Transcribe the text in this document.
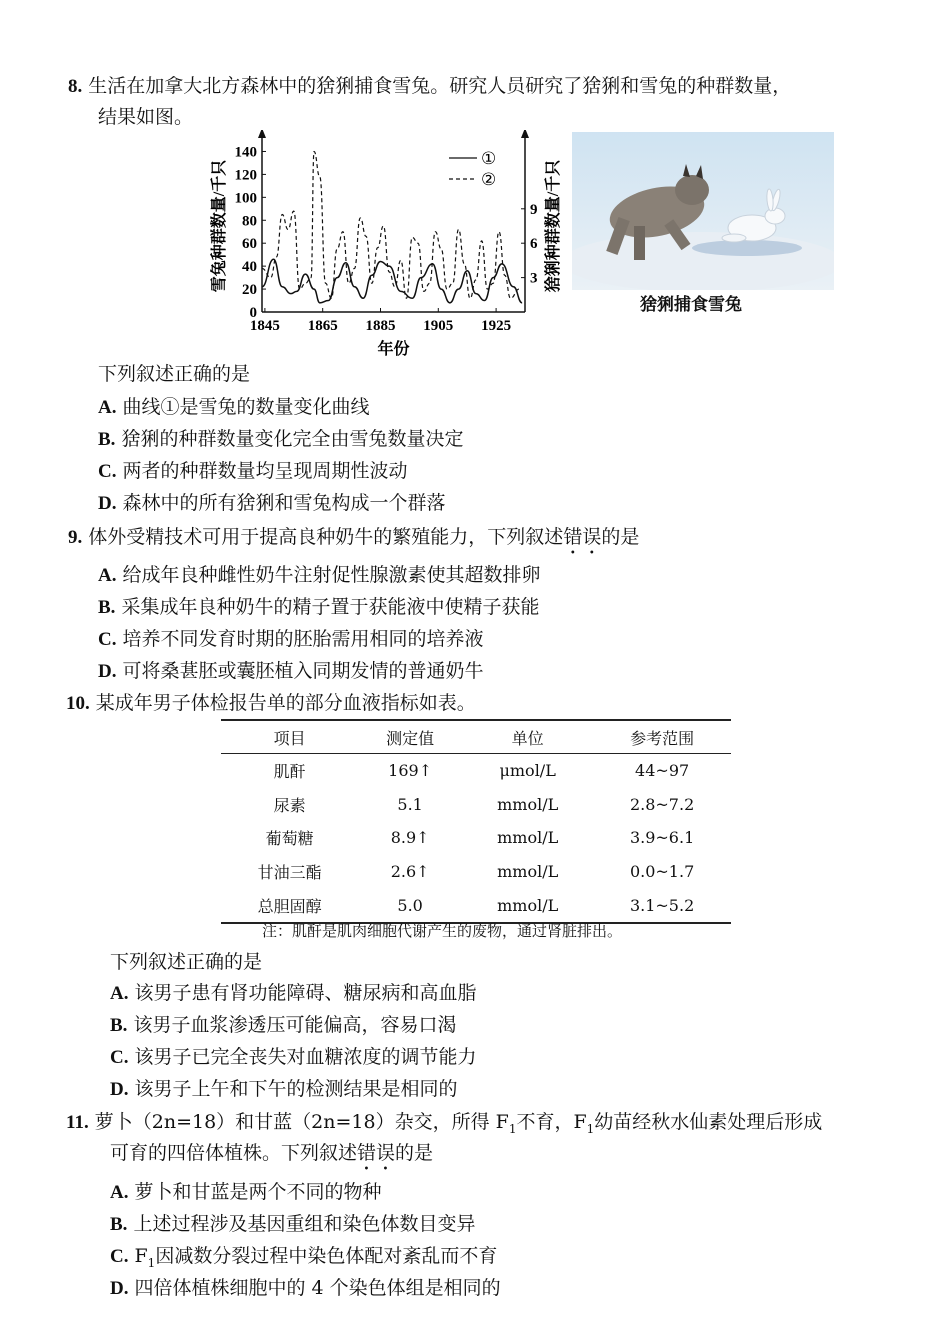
8. 生活在加拿大北方森林中的猞猁捕食雪兔。研究人员研究了猞猁和雪兔的种群数量，
结果如图。
0
20
40
60
80
100
120
140
3
6
9
1845 1865 1885 1905 1925
年份
雪兔种群数量/千只	猞猁种群数量/千只
①
②
猞猁捕食雪兔
下列叙述正确的是
A. 曲线①是雪兔的数量变化曲线
B. 猞猁的种群数量变化完全由雪兔数量决定
C. 两者的种群数量均呈现周期性波动
D. 森林中的所有猞猁和雪兔构成一个群落
9. 体外受精技术可用于提高良种奶牛的繁殖能力，下列叙述错误的是
A. 给成年良种雌性奶牛注射促性腺激素使其超数排卵
B. 采集成年良种奶牛的精子置于获能液中使精子获能
C. 培养不同发育时期的胚胎需用相同的培养液
D. 可将桑葚胚或囊胚植入同期发情的普通奶牛
10. 某成年男子体检报告单的部分血液指标如表。
项目	测定值	单位	参考范围
肌酐	169↑	μmol/L	44~97
尿素	5.1	mmol/L	2.8~7.2
葡萄糖	8.9↑	mmol/L	3.9~6.1
甘油三酯	2.6↑	mmol/L	0.0~1.7
总胆固醇	5.0	mmol/L	3.1~5.2
注：肌酐是肌肉细胞代谢产生的废物，通过肾脏排出。
下列叙述正确的是
A. 该男子患有肾功能障碍、糖尿病和高血脂
B. 该男子血浆渗透压可能偏高，容易口渴
C. 该男子已完全丧失对血糖浓度的调节能力
D. 该男子上午和下午的检测结果是相同的
11. 萝卜（2n=18）和甘蓝（2n=18）杂交，所得 $F_1$不育，$F_1$幼苗经秋水仙素处理后形成
可育的四倍体植株。下列叙述错误的是
A. 萝卜和甘蓝是两个不同的物种
B. 上述过程涉及基因重组和染色体数目变异
C. $F_1$因减数分裂过程中染色体配对紊乱而不育
D. 四倍体植株细胞中的 4 个染色体组是相同的
